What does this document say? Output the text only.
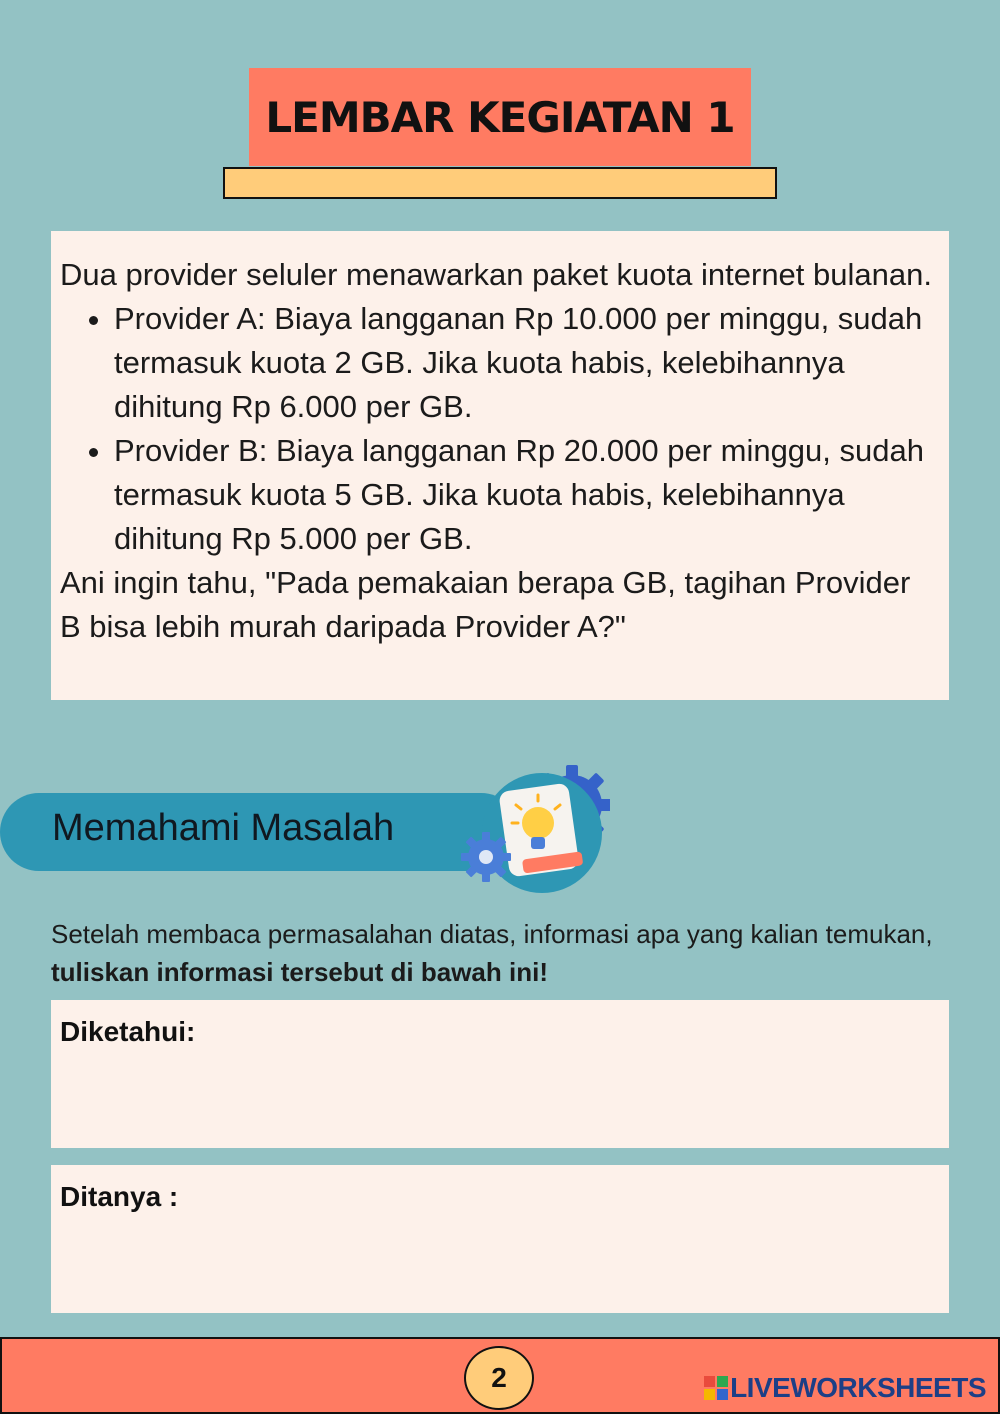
LEMBAR KEGIATAN 1

Dua provider seluler menawarkan paket kuota internet bulanan.

• Provider A: Biaya langganan Rp 10.000 per minggu, sudah termasuk kuota 2 GB. Jika kuota habis, kelebihannya dihitung Rp 6.000 per GB.
• Provider B: Biaya langganan Rp 20.000 per minggu, sudah termasuk kuota 5 GB. Jika kuota habis, kelebihannya dihitung Rp 5.000 per GB.

Ani ingin tahu, "Pada pemakaian berapa GB, tagihan Provider B bisa lebih murah daripada Provider A?"

Memahami Masalah
Setelah membaca permasalahan diatas, informasi apa yang kalian temukan, tuliskan informasi tersebut di bawah ini!
Diketahui:
Ditanya :
2	LIVEWORKSHEETS
